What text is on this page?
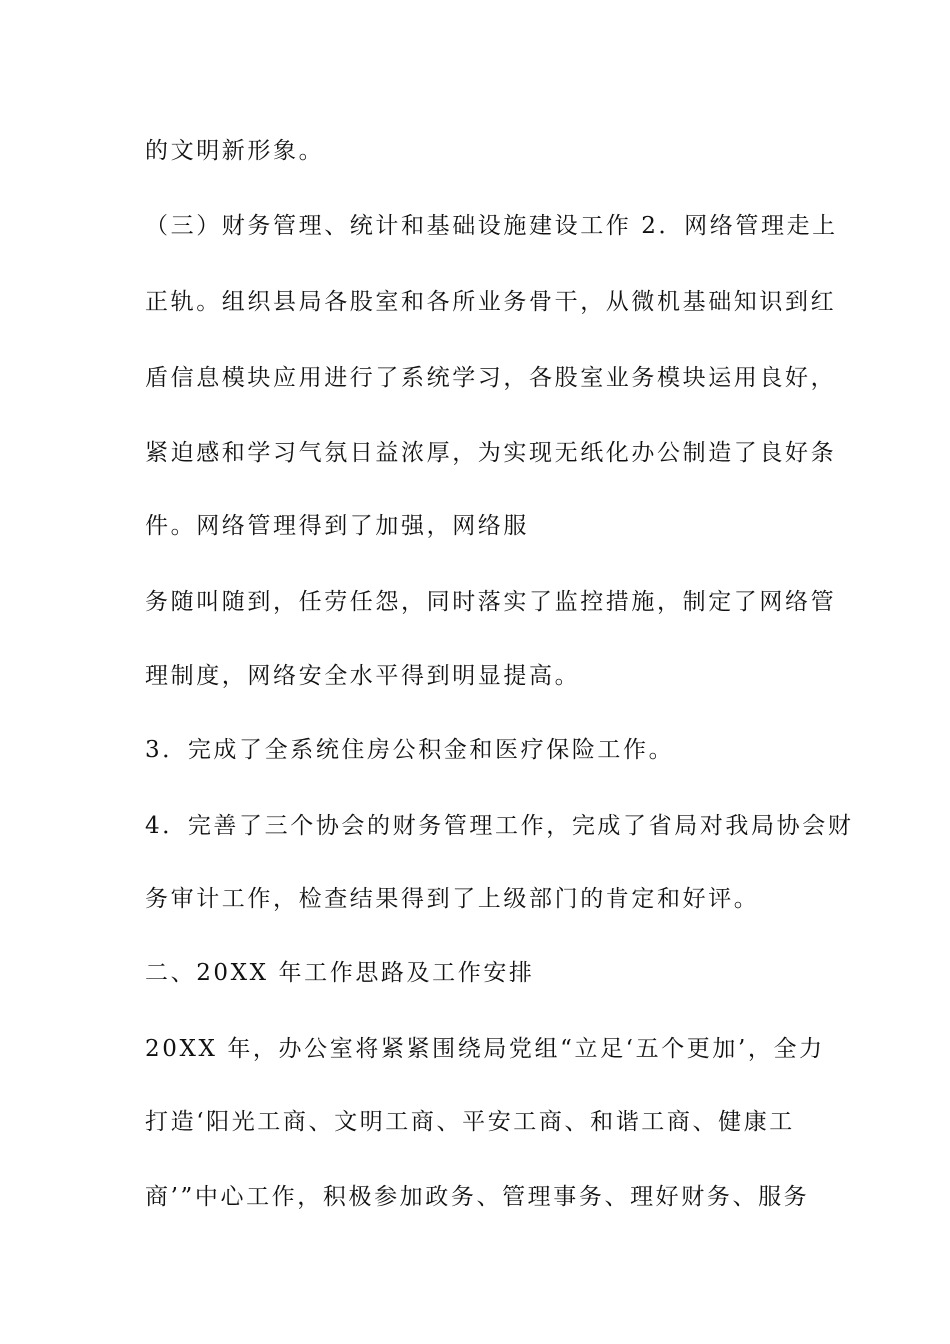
的文明新形象。
（三）财务管理、统计和基础设施建设工作 2．网络管理走上
正轨。组织县局各股室和各所业务骨干，从微机基础知识到红
盾信息模块应用进行了系统学习，各股室业务模块运用良好，
紧迫感和学习气氛日益浓厚，为实现无纸化办公制造了良好条
件。网络管理得到了加强，网络服
务随叫随到，任劳任怨，同时落实了监控措施，制定了网络管
理制度，网络安全水平得到明显提高。
3．完成了全系统住房公积金和医疗保险工作。
4．完善了三个协会的财务管理工作，完成了省局对我局协会财
务审计工作，检查结果得到了上级部门的肯定和好评。
二、20XX 年工作思路及工作安排
20XX 年，办公室将紧紧围绕局党组“立足‘五个更加’，全力
打造‘阳光工商、文明工商、平安工商、和谐工商、健康工
商’”中心工作，积极参加政务、管理事务、理好财务、服务
